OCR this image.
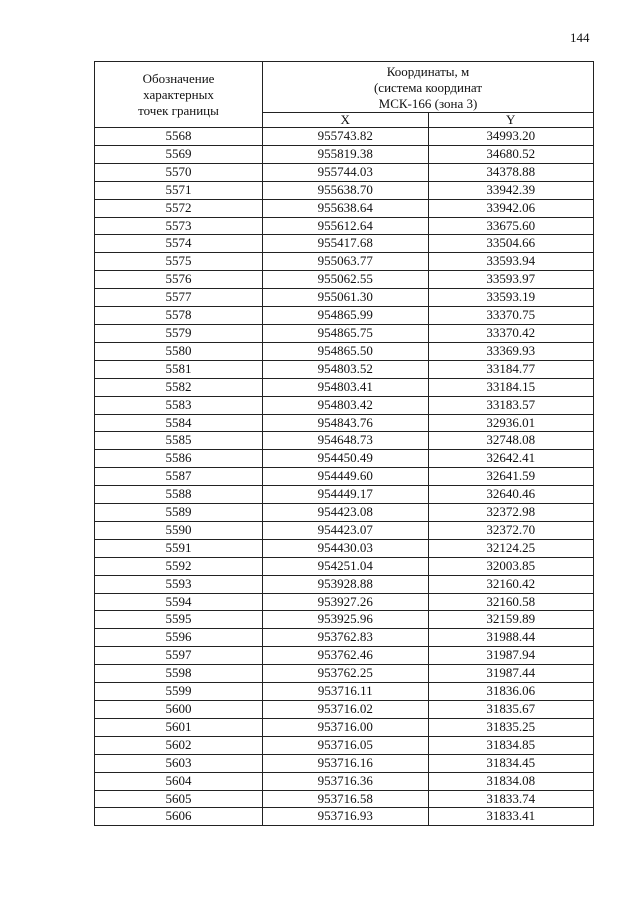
144
Обозначение
характерных
точек границы	Координаты, м
(система координат
МСК-166 (зона 3)	

	X	Y
5568	955743.82	34993.20
5569	955819.38	34680.52
5570	955744.03	34378.88
5571	955638.70	33942.39
5572	955638.64	33942.06
5573	955612.64	33675.60
5574	955417.68	33504.66
5575	955063.77	33593.94
5576	955062.55	33593.97
5577	955061.30	33593.19
5578	954865.99	33370.75
5579	954865.75	33370.42
5580	954865.50	33369.93
5581	954803.52	33184.77
5582	954803.41	33184.15
5583	954803.42	33183.57
5584	954843.76	32936.01
5585	954648.73	32748.08
5586	954450.49	32642.41
5587	954449.60	32641.59
5588	954449.17	32640.46
5589	954423.08	32372.98
5590	954423.07	32372.70
5591	954430.03	32124.25
5592	954251.04	32003.85
5593	953928.88	32160.42
5594	953927.26	32160.58
5595	953925.96	32159.89
5596	953762.83	31988.44
5597	953762.46	31987.94
5598	953762.25	31987.44
5599	953716.11	31836.06
5600	953716.02	31835.67
5601	953716.00	31835.25
5602	953716.05	31834.85
5603	953716.16	31834.45
5604	953716.36	31834.08
5605	953716.58	31833.74
5606	953716.93	31833.41
